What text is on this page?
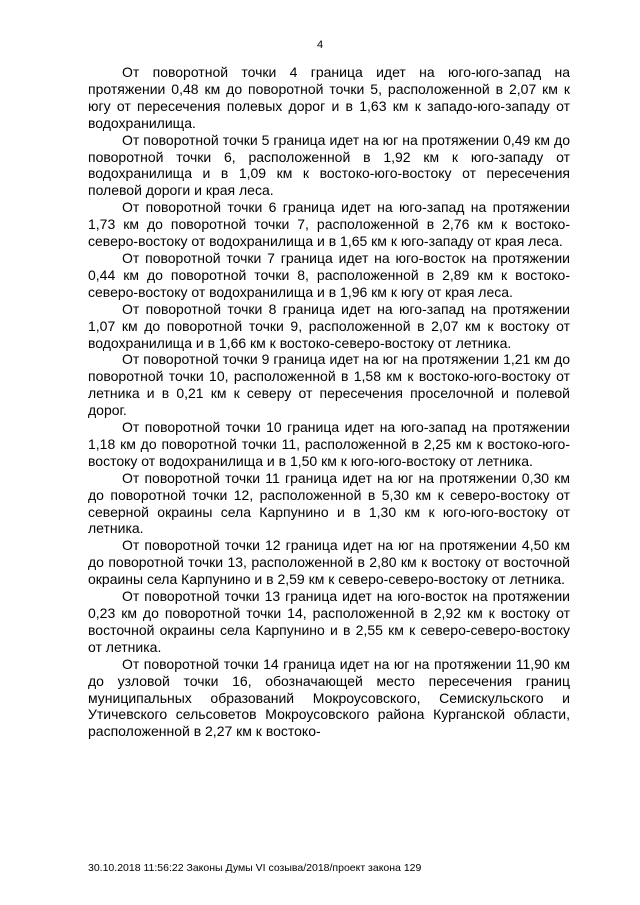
4

От поворотной точки 4 граница идет на юго-юго-запад на протяжении 0,48 км до поворотной точки 5, расположенной в 2,07 км к югу от пересечения полевых дорог и в 1,63 км к западо-юго-западу от водохранилища.

От поворотной точки 5 граница идет на юг на протяжении 0,49 км до поворотной точки 6, расположенной в 1,92 км к юго-западу от водохранилища и в 1,09 км к востоко-юго-востоку от пересечения полевой дороги и края леса.

От поворотной точки 6 граница идет на юго-запад на протяжении 1,73 км до поворотной точки 7, расположенной в 2,76 км к востоко-северо-востоку от водохранилища и в 1,65 км к юго-западу от края леса.

От поворотной точки 7 граница идет на юго-восток на протяжении 0,44 км до поворотной точки 8, расположенной в 2,89 км к востоко-северо-востоку от водохранилища и в 1,96 км к югу от края леса.

От поворотной точки 8 граница идет на юго-запад на протяжении 1,07 км до поворотной точки 9, расположенной в 2,07 км к востоку от водохранилища и в 1,66 км к востоко-северо-востоку от летника.

От поворотной точки 9 граница идет на юг на протяжении 1,21 км до поворотной точки 10, расположенной в 1,58 км к востоко-юго-востоку от летника и в 0,21 км к северу от пересечения проселочной и полевой дорог.

От поворотной точки 10 граница идет на юго-запад на протяжении 1,18 км до поворотной точки 11, расположенной в 2,25 км к востоко-юго-востоку от водохранилища и в 1,50 км к юго-юго-востоку от летника.

От поворотной точки 11 граница идет на юг на протяжении 0,30 км до поворотной точки 12, расположенной в 5,30 км к северо-востоку от северной окраины села Карпунино и в 1,30 км к юго-юго-востоку от летника.

От поворотной точки 12 граница идет на юг на протяжении 4,50 км до поворотной точки 13, расположенной в 2,80 км к востоку от восточной окраины села Карпунино и в 2,59 км к северо-северо-востоку от летника.

От поворотной точки 13 граница идет на юго-восток на протяжении 0,23 км до поворотной точки 14, расположенной в 2,92 км к востоку от восточной окраины села Карпунино и в 2,55 км к северо-северо-востоку от летника.

От поворотной точки 14 граница идет на юг на протяжении 11,90 км до узловой точки 16, обозначающей место пересечения границ муниципальных образований Мокроусовского, Семискульского и Утичевского сельсоветов Мокроусовского района Курганской области, расположенной в 2,27 км к востоко-

30.10.2018 11:56:22 Законы Думы VI созыва/2018/проект закона 129
